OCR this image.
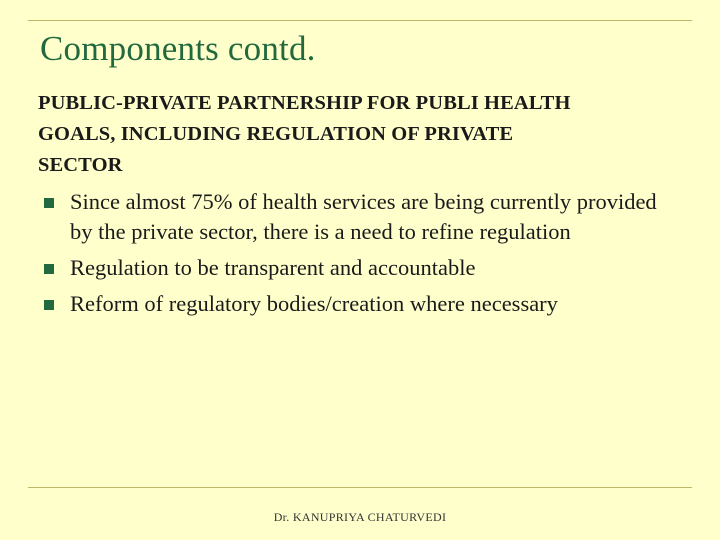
Components contd.

PUBLIC-PRIVATE PARTNERSHIP FOR PUBLI HEALTH GOALS, INCLUDING REGULATION OF PRIVATE SECTOR

Since almost 75% of health services are being currently provided by the private sector, there is a need to refine regulation
Regulation to be transparent and accountable
Reform of regulatory bodies/creation where necessary
Dr. KANUPRIYA CHATURVEDI
